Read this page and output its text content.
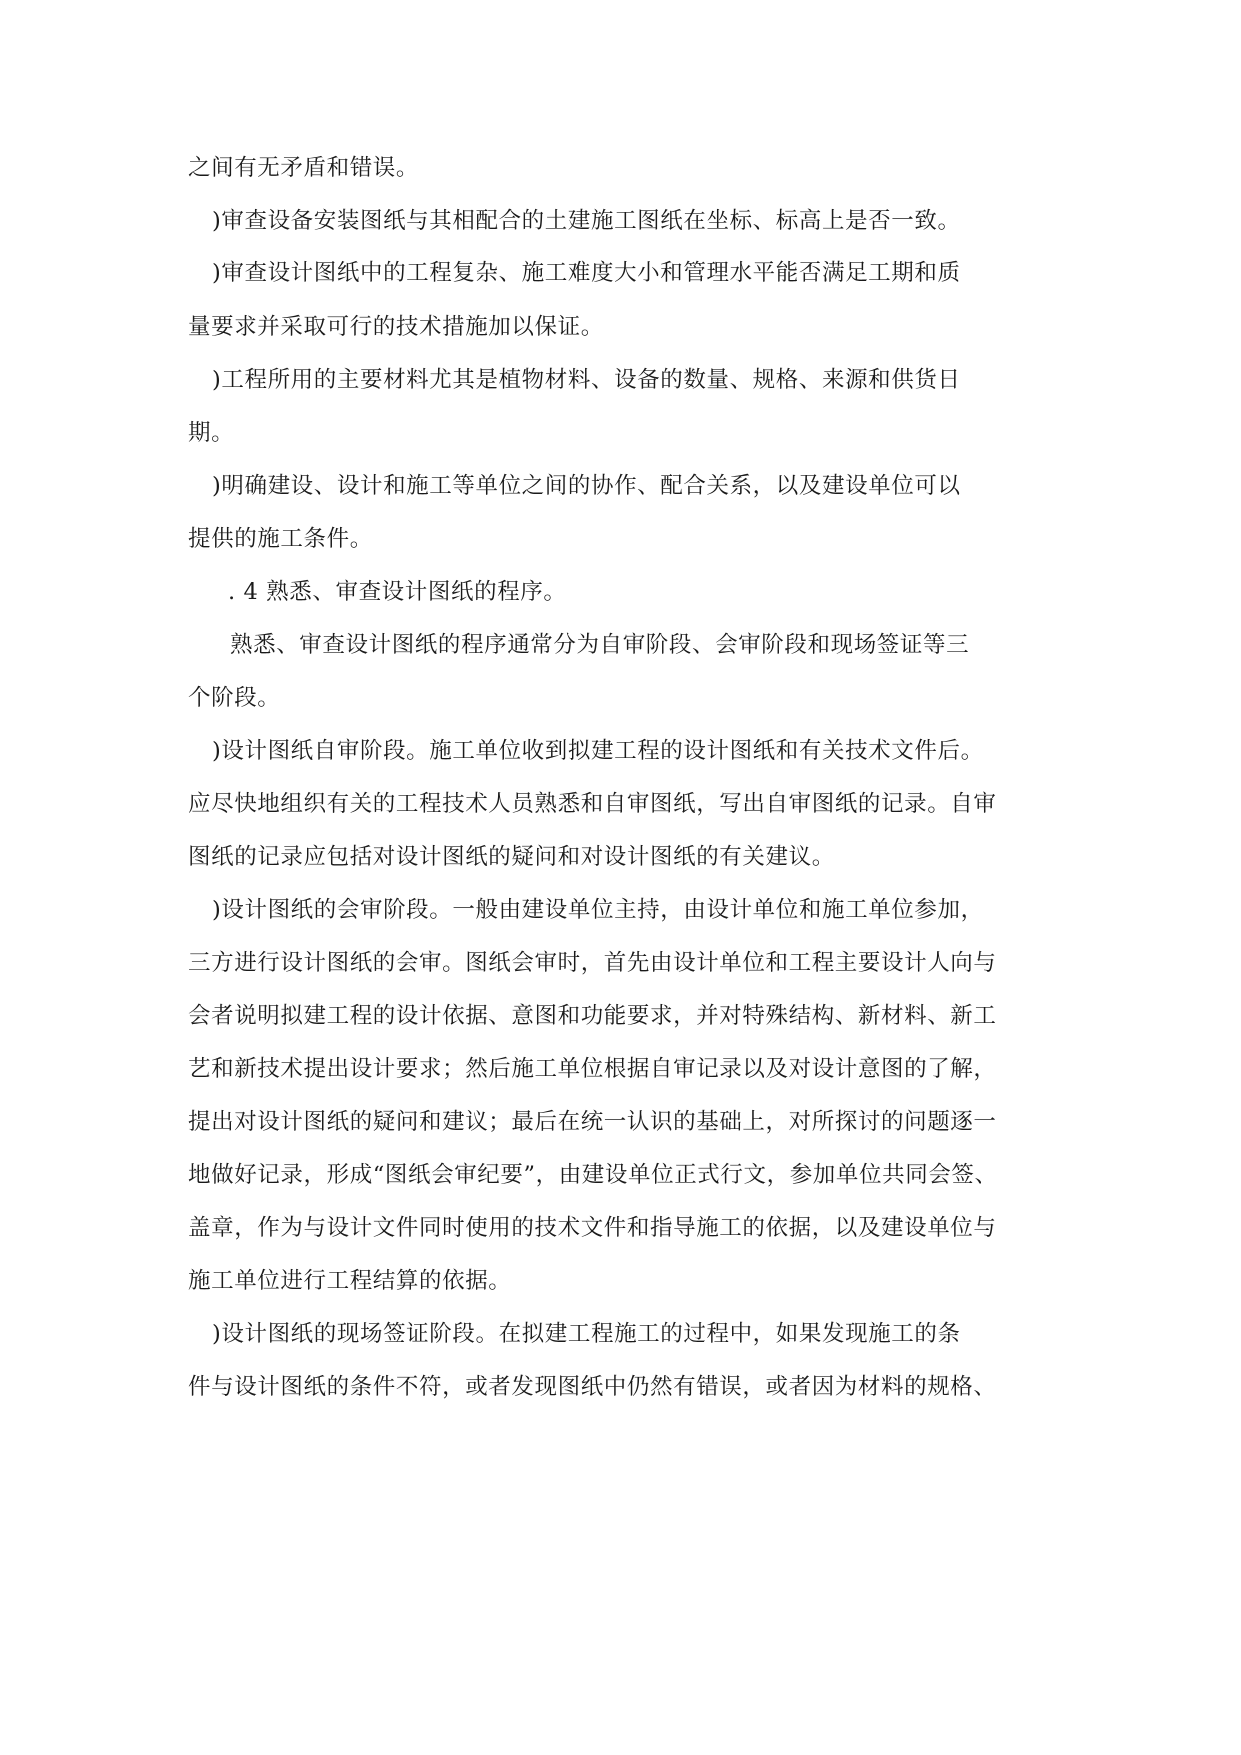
之间有无矛盾和错误。
)审查设备安装图纸与其相配合的土建施工图纸在坐标、标高上是否一致。
)审查设计图纸中的工程复杂、施工难度大小和管理水平能否满足工期和质
量要求并采取可行的技术措施加以保证。
)工程所用的主要材料尤其是植物材料、设备的数量、规格、来源和供货日
期。
)明确建设、设计和施工等单位之间的协作、配合关系，以及建设单位可以
提供的施工条件。
. 4 熟悉、审查设计图纸的程序。
熟悉、审查设计图纸的程序通常分为自审阶段、会审阶段和现场签证等三
个阶段。
)设计图纸自审阶段。施工单位收到拟建工程的设计图纸和有关技术文件后。
应尽快地组织有关的工程技术人员熟悉和自审图纸，写出自审图纸的记录。自审
图纸的记录应包括对设计图纸的疑问和对设计图纸的有关建议。
)设计图纸的会审阶段。一般由建设单位主持，由设计单位和施工单位参加，
三方进行设计图纸的会审。图纸会审时，首先由设计单位和工程主要设计人向与
会者说明拟建工程的设计依据、意图和功能要求，并对特殊结构、新材料、新工
艺和新技术提出设计要求；然后施工单位根据自审记录以及对设计意图的了解，
提出对设计图纸的疑问和建议；最后在统一认识的基础上，对所探讨的问题逐一
地做好记录，形成“图纸会审纪要”，由建设单位正式行文，参加单位共同会签、
盖章，作为与设计文件同时使用的技术文件和指导施工的依据，以及建设单位与
施工单位进行工程结算的依据。
)设计图纸的现场签证阶段。在拟建工程施工的过程中，如果发现施工的条
件与设计图纸的条件不符，或者发现图纸中仍然有错误，或者因为材料的规格、
